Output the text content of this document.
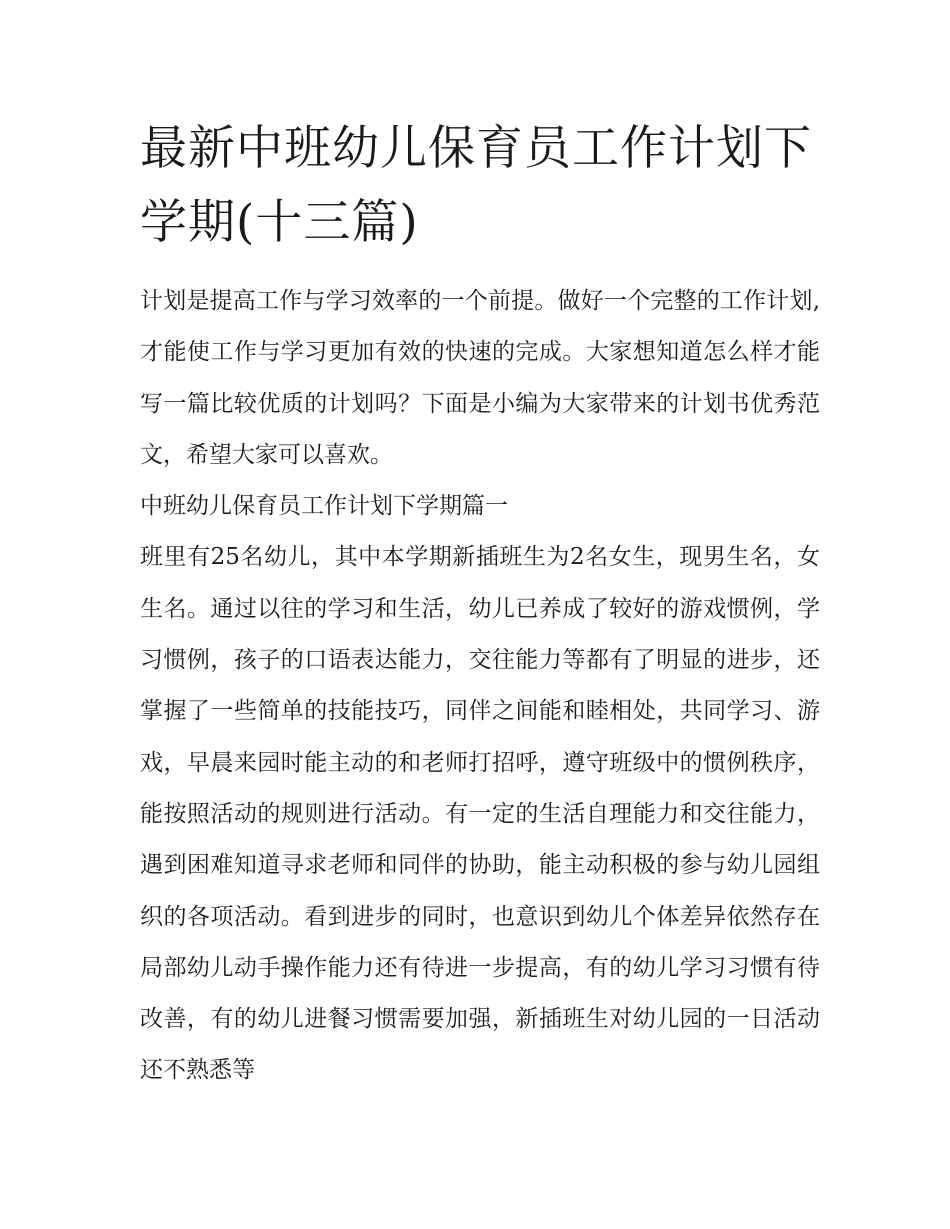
最新中班幼儿保育员工作计划下学期(十三篇)

计划是提高工作与学习效率的一个前提。做好一个完整的工作计划,才能使工作与学习更加有效的快速的完成。大家想知道怎么样才能写一篇比较优质的计划吗？下面是小编为大家带来的计划书优秀范文，希望大家可以喜欢。

中班幼儿保育员工作计划下学期篇一

班里有25名幼儿，其中本学期新插班生为2名女生，现男生名，女生名。通过以往的学习和生活，幼儿已养成了较好的游戏惯例，学习惯例，孩子的口语表达能力，交往能力等都有了明显的进步，还掌握了一些简单的技能技巧，同伴之间能和睦相处，共同学习、游戏，早晨来园时能主动的和老师打招呼，遵守班级中的惯例秩序，能按照活动的规则进行活动。有一定的生活自理能力和交往能力，遇到困难知道寻求老师和同伴的协助，能主动积极的参与幼儿园组织的各项活动。看到进步的同时，也意识到幼儿个体差异依然存在局部幼儿动手操作能力还有待进一步提高，有的幼儿学习习惯有待改善，有的幼儿进餐习惯需要加强，新插班生对幼儿园的一日活动还不熟悉等
